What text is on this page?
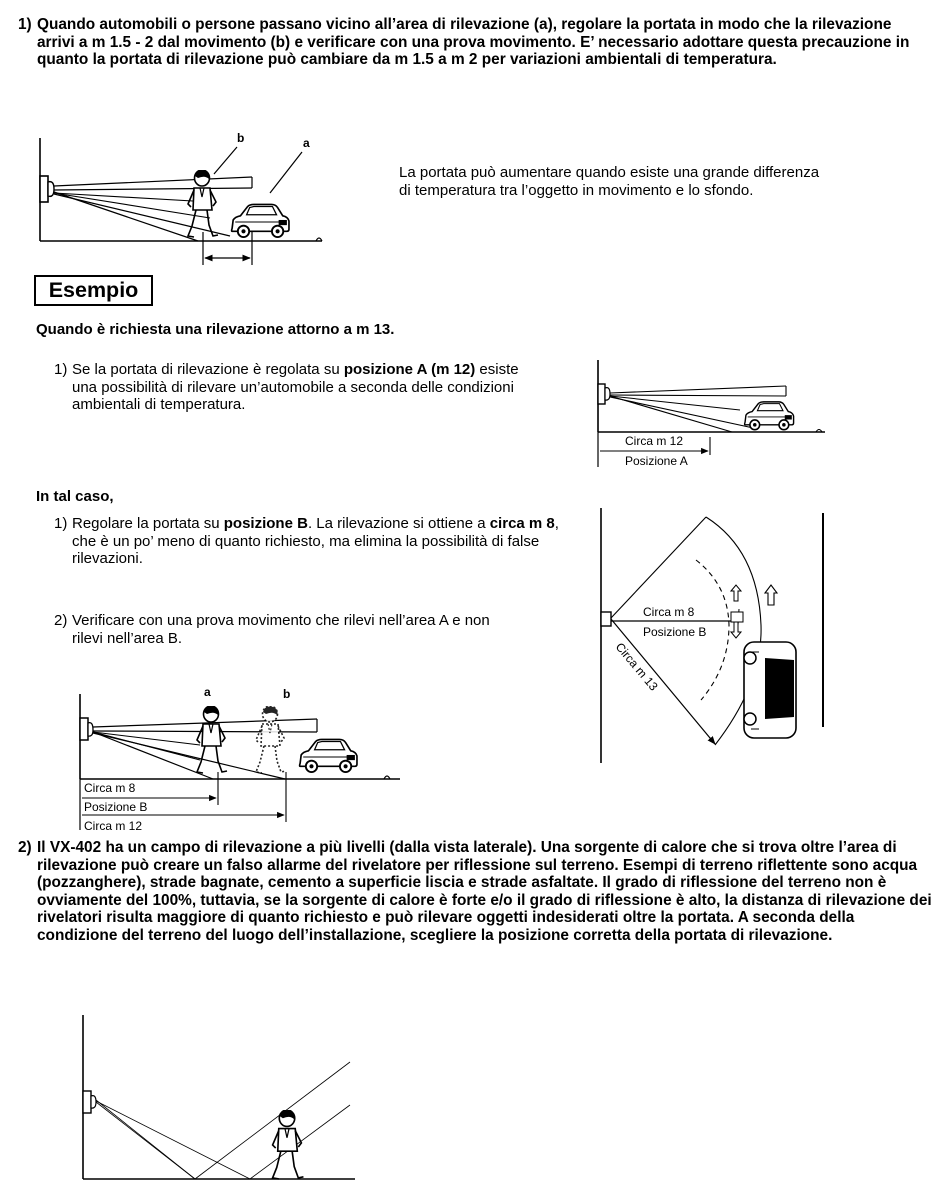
1) Quando automobili o persone passano vicino all’area di rilevazione (a), regolare la portata in modo che la rilevazione arrivi a m 1.5 - 2 dal movimento (b) e verificare con una prova movimento. E’ necessario adottare questa precauzione in quanto la portata di rilevazione può cambiare da m 1.5 a m 2 per variazioni ambientali di temperatura.
b	a
La portata può aumentare quando esiste una grande differenza di temperatura tra l’oggetto in movimento e lo sfondo.
Esempio
Quando è richiesta una rilevazione attorno a m 13.
1) Se la portata di rilevazione è regolata su posizione A (m 12) esiste una possibilità di rilevare un’automobile a seconda delle condizioni ambientali di temperatura.
Circa m 12
Posizione A
In tal caso,
1) Regolare la portata su posizione B. La rilevazione si ottiene a circa m 8, che è un po’ meno di quanto richiesto, ma elimina la possibilità di false rilevazioni.
2) Verificare con una prova movimento che rilevi nell’area A e non rilevi nell’area B.
Circa m 8
Posizione B
Circa m 13
a	b
Circa m 8
Posizione B
Circa m 12
2) Il VX-402 ha un campo di rilevazione a più livelli (dalla vista laterale). Una sorgente di calore che si trova oltre l’area di rilevazione può creare un falso allarme del rivelatore per riflessione sul terreno. Esempi di terreno riflettente sono acqua (pozzanghere), strade bagnate, cemento a superficie liscia e strade asfaltate. Il grado di riflessione del terreno non è ovviamente del 100%, tuttavia, se la sorgente di calore è forte e/o il grado di riflessione è alto, la distanza di rilevazione dei rivelatori risulta maggiore di quanto richiesto e può rilevare oggetti indesiderati oltre la portata. A seconda della condizione del terreno del luogo dell’installazione, scegliere la posizione corretta della portata di rilevazione.
